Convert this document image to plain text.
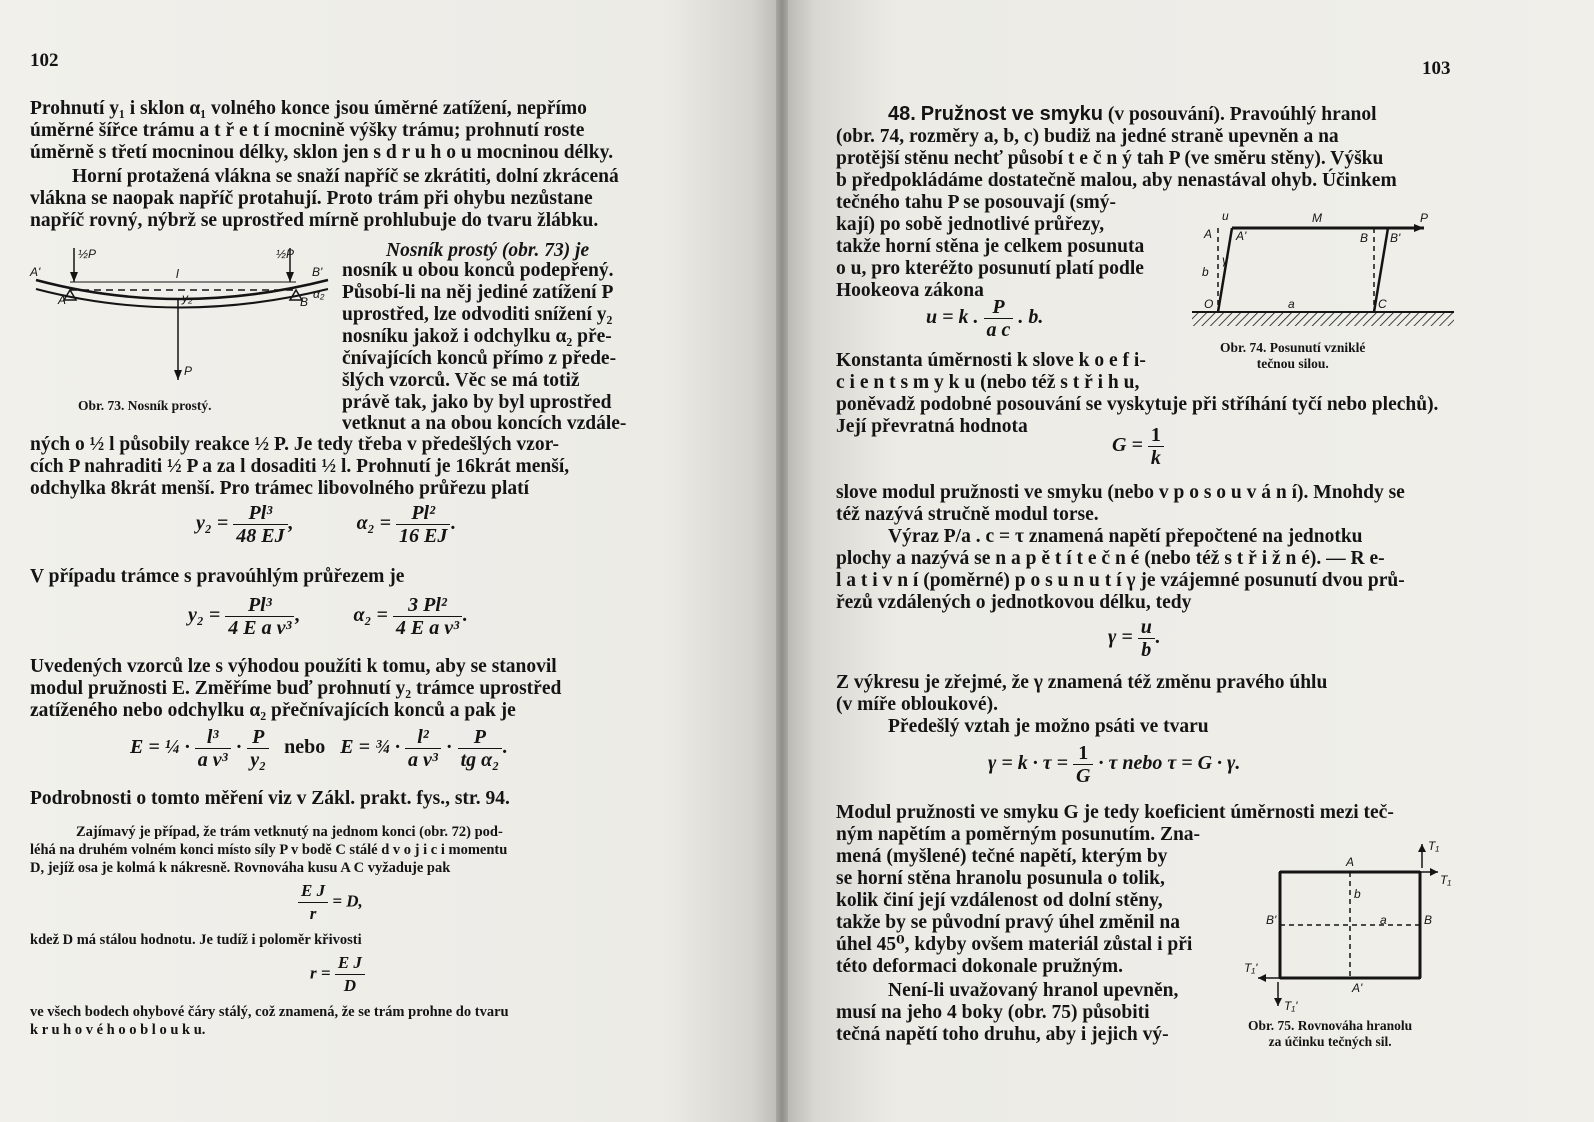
102

Prohnutí y₁ i sklon α₁ volného konce jsou úměrné zatížení, nepřímo

úměrné šířce trámu a t ř e t í mocnině výšky trámu; prohnutí roste

úměrně s třetí mocninou délky, sklon jen s d r u h o u mocninou délky.

Horní protažená vlákna se snaží napříč se zkrátiti, dolní zkrácená

vlákna se naopak napříč protahují. Proto trám při ohybu nezůstane

napříč rovný, nýbrž se uprostřed mírně prohlubuje do tvaru žlábku.

l
½P	½P
A'
A	B
B'
y₂	α₂
P
Obr. 73. Nosník prostý.

Nosník prostý (obr. 73) je

nosník u obou konců podepřený.

Působí-li na něj jediné zatížení P

uprostřed, lze odvoditi snížení y₂

nosníku jakož i odchylku α₂ pře-

čnívajících konců přímo z přede-

šlých vzorců. Věc se má totiž

právě tak, jako by byl uprostřed

vetknut a na obou koncích vzdále-

ných o ½ l působily reakce ½ P. Je tedy třeba v předešlých vzor-

cích P nahraditi ½ P a za l dosaditi ½ l. Prohnutí je 16krát menší,

odchylka 8krát menší. Pro trámec libovolného průřezu platí

$y_2 = \frac{\text{Pl³}}{48 EJ}$ ,	$\alpha_2 = \frac{\text{Pl²}}{16 EJ}$ .

V případu trámce s pravoúhlým průřezem je

$y_2 = \frac{\text{Pl³}}{\text{4 E a v³}}$ ,	$\alpha_2 = \frac{\text{3 Pl²}}{\text{4 E a v³}}$ .

Uvedených vzorců lze s výhodou použíti k tomu, aby se stanovil

modul pružnosti E. Změříme buď prohnutí y₂ trámce uprostřed

zatíženého nebo odchylku α₂ přečnívajících konců a pak je

E = ¼ · $\frac{\text{l³}}{\text{a v³}} \cdot \frac{P}{\text{y₂}}$ nebo E = ¾ · $\frac{\text{l²}}{\text{a v³}} \cdot \frac{P}{\text{tg α₂}}$ .

Podrobnosti o tomto měření viz v Zákl. prakt. fys., str. 94.

Zajímavý je případ, že trám vetknutý na jednom konci (obr. 72) pod-

léhá na druhém volném konci místo síly P v bodě C stálé d v o j i c i momentu

D, jejíž osa je kolmá k nákresně. Rovnováha kusu A C vyžaduje pak

$\frac{\text{E J}}{r} = D$,

kdež D má stálou hodnotu. Je tudíž i poloměr křivosti

$r = \frac{\text{E J}}{D}$

ve všech bodech ohybové čáry stálý, což znamená, že se trám prohne do tvaru

k r u h o v é h o o b l o u k u.

103

48. Pružnost ve smyku (v posouvání). Pravoúhlý hranol

(obr. 74, rozměry a, b, c) budiž na jedné straně upevněn a na

protější stěnu nechť působí t e č n ý tah P (ve směru stěny). Výšku

b předpokládáme dostatečně malou, aby nenastával ohyb. Účinkem

tečného tahu P se posouvají (smý-

kají) po sobě jednotlivé průřezy,

takže horní stěna je celkem posunuta

o u, pro kteréžto posunutí platí podle

Hookeova zákona

A A'
u	M	P
B B'
b
γ
O	a	C
Obr. 74. Posunutí vzniklé
tečnou silou.
u = k . $\frac{P}{\text{a c}}$ . b.

Konstanta úměrnosti k slove k o e f i-

c i e n t s m y k u (nebo též s t ř i h u,

poněvadž podobné posouvání se vyskytuje při stříhání tyčí nebo plechů).

Její převratná hodnota

$G = \frac{1}{k}$

slove modul pružnosti ve smyku (nebo v p o s o u v á n í). Mnohdy se

též nazývá stručně modul torse.

Výraz P/a . c = τ znamená napětí přepočtené na jednotku

plochy a nazývá se n a p ě t í t e č n é (nebo též s t ř i ž n é). — R e-

l a t i v n í (poměrné) p o s u n u t í γ je vzájemné posunutí dvou prů-

řezů vzdálených o jednotkovou délku, tedy

$\gamma = \frac{u}{b}$ .

Z výkresu je zřejmé, že γ znamená též změnu pravého úhlu

(v míře obloukové).

Předešlý vztah je možno psáti ve tvaru

$\gamma = k \cdot \tau = \frac{1}{G} \cdot \tau$ nebo τ = G · γ.

Modul pružnosti ve smyku G je tedy koeficient úměrnosti mezi teč-

ným napětím a poměrným posunutím. Zna-

mená (myšlené) tečné napětí, kterým by

se horní stěna hranolu posunula o tolik,

kolik činí její vzdálenost od dolní stěny,

takže by se původní pravý úhel změnil na

úhel 45⁰, kdyby ovšem materiál zůstal i při

této deformaci dokonale pružným.

Není-li uvažovaný hranol upevněn,

musí na jeho 4 boky (obr. 75) působiti

tečná napětí toho druhu, aby i jejich vý-

T₁
T₁
T₁'
T₁'
A
A'
B'	B
b
a
Obr. 75. Rovnováha hranolu
za účinku tečných sil.
